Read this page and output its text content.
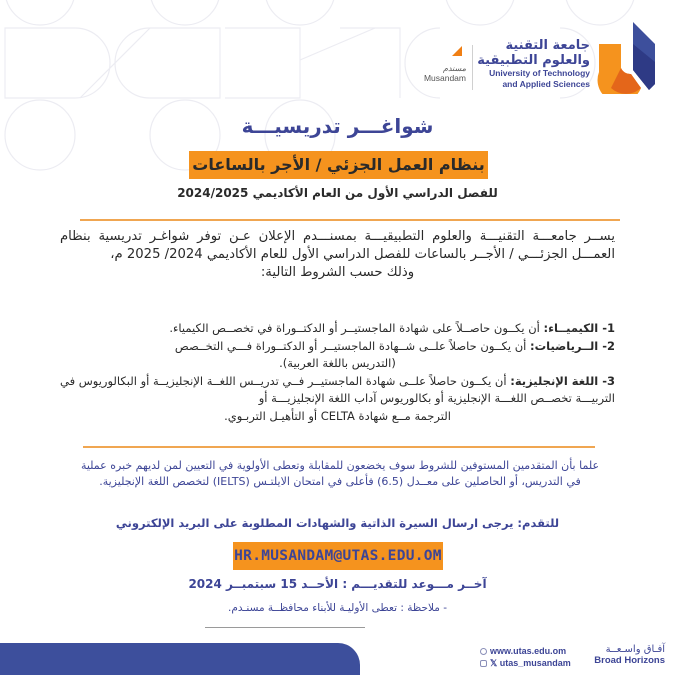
جامعة التقنية
والعلوم التطبيقية
University of Technology
and Applied Sciences
مسندم
Musandam
شواغـــر تدريسيـــة
بنظام العمل الجزئي / الأجر بالساعات
للفصل الدراسي الأول من العام الأكاديمي 2024/2025

يســر جامعـــة التقنيـــة والعلوم التطبيقيـــة بمسنـــدم الإعلان عـن توفر شواغـر تدريسية بنظام العمـــل الجزئـــي / الأجــر بالساعات للفصل الدراسي الأول للعام الأكاديمي 2024/ 2025 م،

وذلك حسب الشروط التالية:

1- الكيميــاء: أن يكــون حاصــلاً على شهادة الماجستيــر أو الدكتــوراة في تخصــص الكيمياء.

2- الــرياضيات: أن يكــون حاصلاً علــى شــهادة الماجستيــر أو الدكتــوراة فـــي التخــصص

(التدريس باللغة العربية).

3- اللغة الإنجليزية: أن يكــون حاصلاً علــى شهادة الماجستيــر فــي تدريــس اللغــة الإنجليزيــة أو البكالوريوس في التربيـــة تخصــص اللغـــة الإنجليزية أو بكالوريوس آداب اللغة الإنجليزيـــة أو

الترجمة مــع شهادة CELTA أو التأهيـل التربـوي.

علما بأن المتقدمين المستوفين للشروط سوف يخضعون للمقابلة وتعطى الأولوية في التعيين لمن لديهم خبره عملية في التدريس، أو الحاصلين على معــدل (6.5) فأعلى في امتحان الايلتـس (IELTS) لتخصص اللغة الإنجليزية.
للتقدم: يرجى ارسال السيرة الذاتية والشهادات المطلوبة على البريد الإلكتروني
HR.MUSANDAM@UTAS.EDU.OM
آخــر مـــوعد للتقديـــم : الأحــد 15 سبتمبــر 2024
- ملاحظة : تعطى الأوليـة للأبناء محافظــة مسنـدم.
www.utas.edu.om
𝕏 utas_musandam
آفـاق واسـعــة
Broad Horizons
